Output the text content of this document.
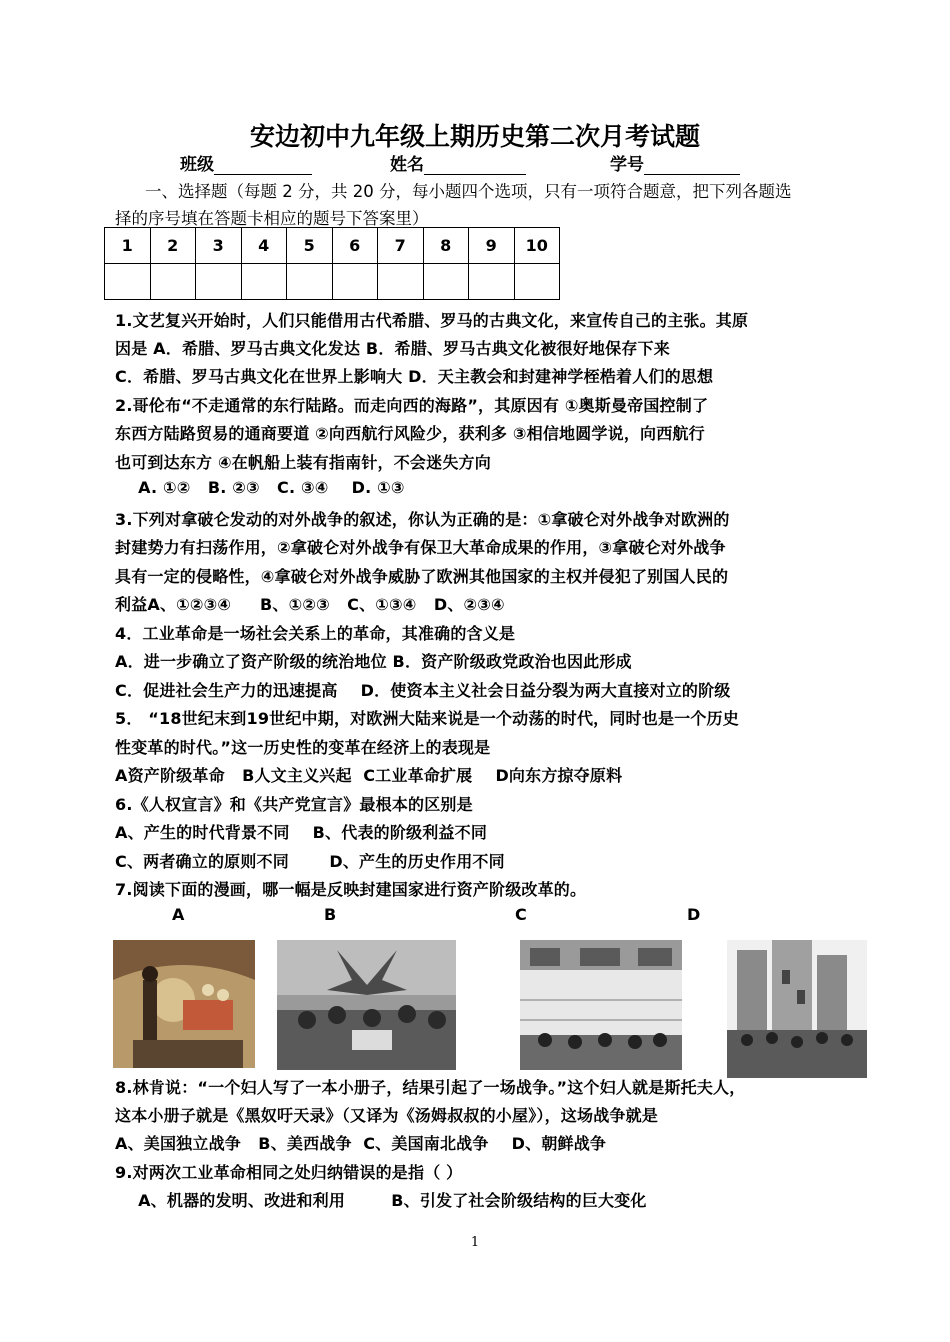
安边初中九年级上期历史第二次月考试题
班级	姓名	学号
一、选择题（每题 2 分，共 20 分，每小题四个选项，只有一项符合题意，把下列各题选
择的序号填在答题卡相应的题号下答案里）
1	2	3	4	5	6	7	8	9	10

1.文艺复兴开始时，人们只能借用古代希腊、罗马的古典文化，来宣传自己的主张。其原
因是 A．希腊、罗马古典文化发达 B．希腊、罗马古典文化被很好地保存下来
C．希腊、罗马古典文化在世界上影响大 D．天主教会和封建神学桎梏着人们的思想
2.哥伦布“不走通常的东行陆路。而走向西的海路”，其原因有 ①奥斯曼帝国控制了
东西方陆路贸易的通商要道 ②向西航行风险少，获利多 ③相信地圆学说，向西航行
也可到达东方 ④在帆船上装有指南针，不会迷失方向
A. ①②   B. ②③   C. ③④    D. ①③
3.下列对拿破仑发动的对外战争的叙述，你认为正确的是：①拿破仑对外战争对欧洲的
封建势力有扫荡作用，②拿破仑对外战争有保卫大革命成果的作用，③拿破仑对外战争
具有一定的侵略性，④拿破仑对外战争威胁了欧洲其他国家的主权并侵犯了别国人民的
利益A、①②③④     B、①②③   C、①③④   D、②③④
4．工业革命是一场社会关系上的革命，其准确的含义是
A．进一步确立了资产阶级的统治地位 B．资产阶级政党政治也因此形成
C．促进社会生产力的迅速提高    D．使资本主义社会日益分裂为两大直接对立的阶级
5． “18世纪末到19世纪中期，对欧洲大陆来说是一个动荡的时代，同时也是一个历史
性变革的时代。”这一历史性的变革在经济上的表现是
A资产阶级革命   B人文主义兴起  C工业革命扩展    D向东方掠夺原料
6.《人权宣言》和《共产党宣言》最根本的区别是
A、产生的时代背景不同    B、代表的阶级利益不同
C、两者确立的原则不同       D、产生的历史作用不同
7.阅读下面的漫画，哪一幅是反映封建国家进行资产阶级改革的。
A	B	C	D
8.林肯说：“一个妇人写了一本小册子，结果引起了一场战争。”这个妇人就是斯托夫人，
这本小册子就是《黑奴吁天录》（又译为《汤姆叔叔的小屋》），这场战争就是
A、美国独立战争   B、美西战争  C、美国南北战争    D、朝鲜战争
9.对两次工业革命相同之处归纳错误的是指（ ）
A、机器的发明、改进和利用        B、引发了社会阶级结构的巨大变化
1
